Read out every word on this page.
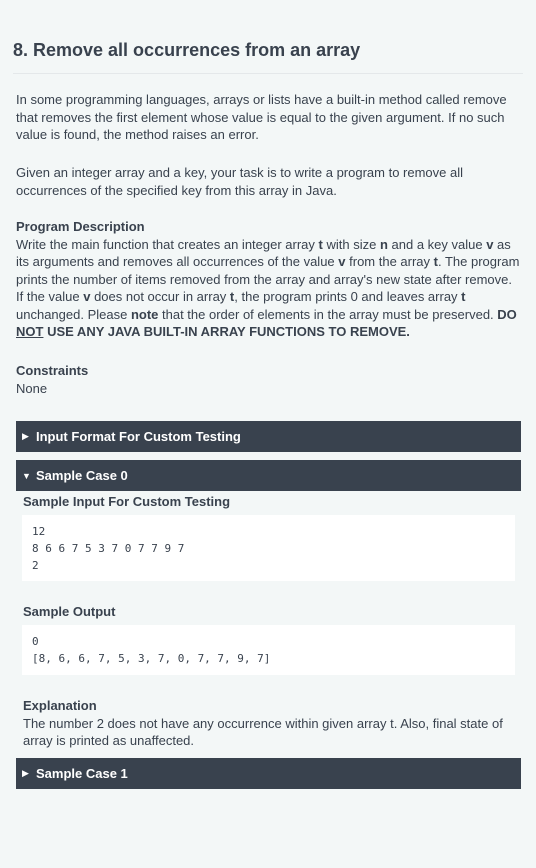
8. Remove all occurrences from an array

In some programming languages, arrays or lists have a built-in method called remove that removes the first element whose value is equal to the given argument. If no such value is found, the method raises an error.

Given an integer array and a key, your task is to write a program to remove all occurrences of the specified key from this array in Java.

Program Description
Write the main function that creates an integer array t with size n and a key value v as its arguments and removes all occurrences of the value v from the array t. The program prints the number of items removed from the array and array's new state after remove. If the value v does not occur in array t, the program prints 0 and leaves array t unchanged. Please note that the order of elements in the array must be preserved. DO NOT USE ANY JAVA BUILT-IN ARRAY FUNCTIONS TO REMOVE.
Constraints
None
▶ Input Format For Custom Testing
▼ Sample Case 0
Sample Input For Custom Testing
12
8 6 6 7 5 3 7 0 7 7 9 7
2
Sample Output
0
[8, 6, 6, 7, 5, 3, 7, 0, 7, 7, 9, 7]
Explanation
The number 2 does not have any occurrence within given array t. Also, final state of array is printed as unaffected.
▶ Sample Case 1
